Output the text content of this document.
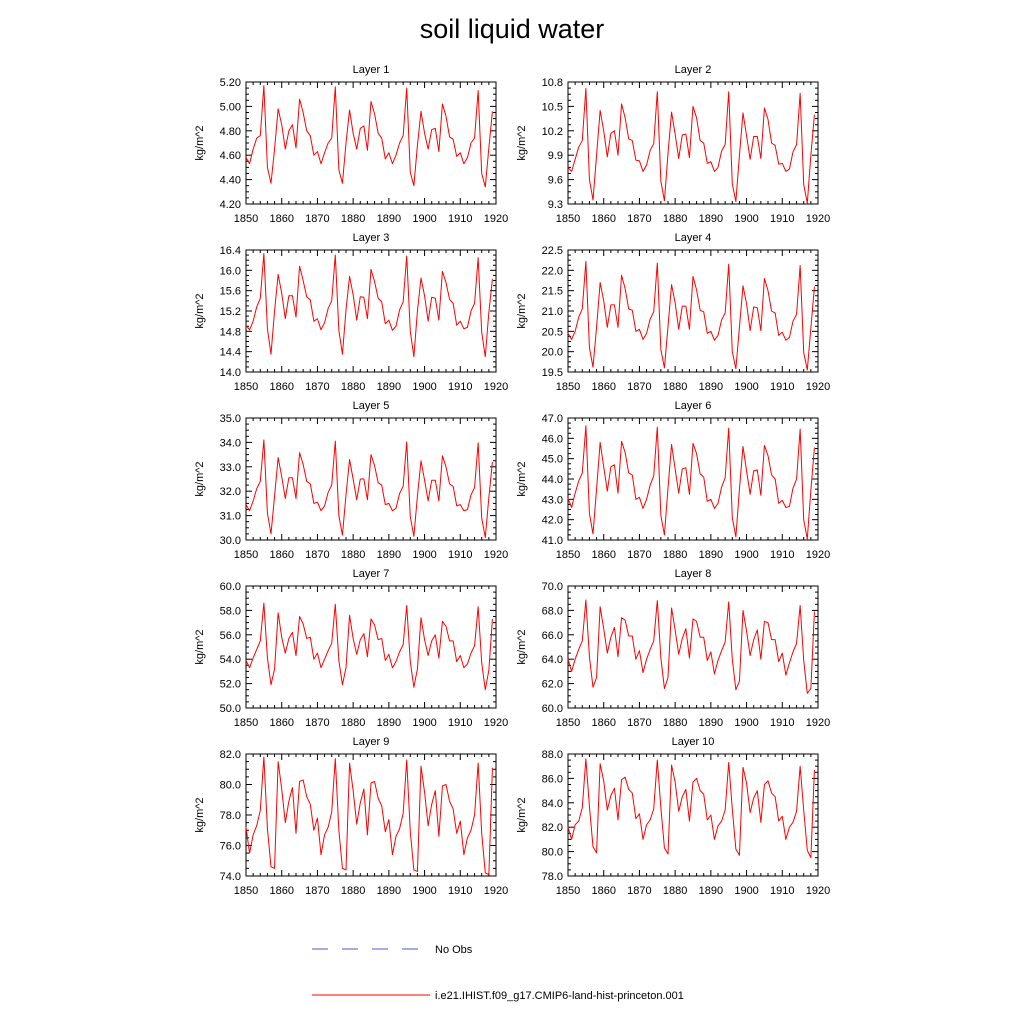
soil liquid water
Layer 1
4.20
4.40
4.60
4.80
5.00
5.20
1850 1860 1870 1880 1890 1900 1910 1920
kg/m^2
Layer 2
9.3
9.6
9.9
10.2
10.5
10.8
1850 1860 1870 1880 1890 1900 1910 1920
kg/m^2
Layer 3
14.0
14.4
14.8
15.2
15.6
16.0
16.4
1850 1860 1870 1880 1890 1900 1910 1920
kg/m^2
Layer 4
19.5
20.0
20.5
21.0
21.5
22.0
22.5
1850 1860 1870 1880 1890 1900 1910 1920
kg/m^2
Layer 5
30.0
31.0
32.0
33.0
34.0
35.0
1850 1860 1870 1880 1890 1900 1910 1920
kg/m^2
Layer 6
41.0
42.0
43.0
44.0
45.0
46.0
47.0
1850 1860 1870 1880 1890 1900 1910 1920
kg/m^2
Layer 7
50.0
52.0
54.0
56.0
58.0
60.0
1850 1860 1870 1880 1890 1900 1910 1920
kg/m^2
Layer 8
60.0
62.0
64.0
66.0
68.0
70.0
1850 1860 1870 1880 1890 1900 1910 1920
kg/m^2
Layer 9
74.0
76.0
78.0
80.0
82.0
1850 1860 1870 1880 1890 1900 1910 1920
kg/m^2
Layer 10
78.0
80.0
82.0
84.0
86.0
88.0
1850 1860 1870 1880 1890 1900 1910 1920
kg/m^2
No Obs
i.e21.IHIST.f09_g17.CMIP6-land-hist-princeton.001
